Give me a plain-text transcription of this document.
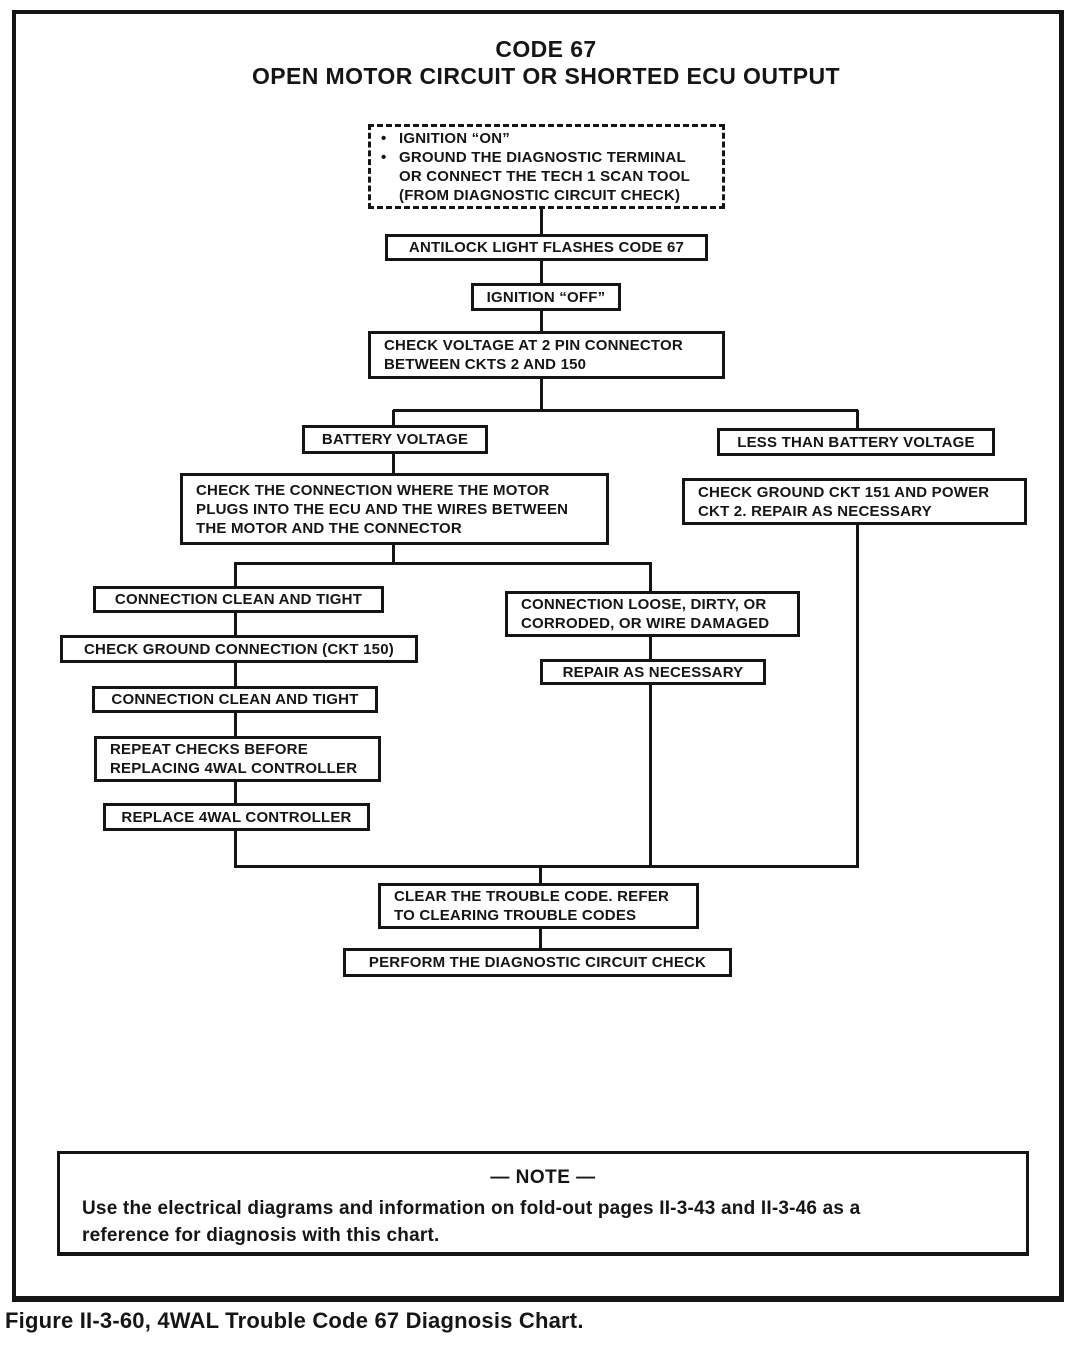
CODE 67
OPEN MOTOR CIRCUIT OR SHORTED ECU OUTPUT
• IGNITION “ON”
• GROUND THE DIAGNOSTIC TERMINAL
OR CONNECT THE TECH 1 SCAN TOOL
(FROM DIAGNOSTIC CIRCUIT CHECK)
ANTILOCK LIGHT FLASHES CODE 67
IGNITION “OFF”
CHECK VOLTAGE AT 2 PIN CONNECTOR
BETWEEN CKTS 2 AND 150
BATTERY VOLTAGE	LESS THAN BATTERY VOLTAGE
CHECK THE CONNECTION WHERE THE MOTOR
PLUGS INTO THE ECU AND THE WIRES BETWEEN
THE MOTOR AND THE CONNECTOR
CHECK GROUND CKT 151 AND POWER
CKT 2. REPAIR AS NECESSARY
CONNECTION CLEAN AND TIGHT
CHECK GROUND CONNECTION (CKT 150)
CONNECTION CLEAN AND TIGHT
REPEAT CHECKS BEFORE
REPLACING 4WAL CONTROLLER
REPLACE 4WAL CONTROLLER
CONNECTION LOOSE, DIRTY, OR
CORRODED, OR WIRE DAMAGED
REPAIR AS NECESSARY
CLEAR THE TROUBLE CODE. REFER
TO CLEARING TROUBLE CODES
PERFORM THE DIAGNOSTIC CIRCUIT CHECK
— NOTE —
Use the electrical diagrams and information on fold-out pages II-3-43 and II-3-46 as a
reference for diagnosis with this chart.
Figure II-3-60, 4WAL Trouble Code 67 Diagnosis Chart.
